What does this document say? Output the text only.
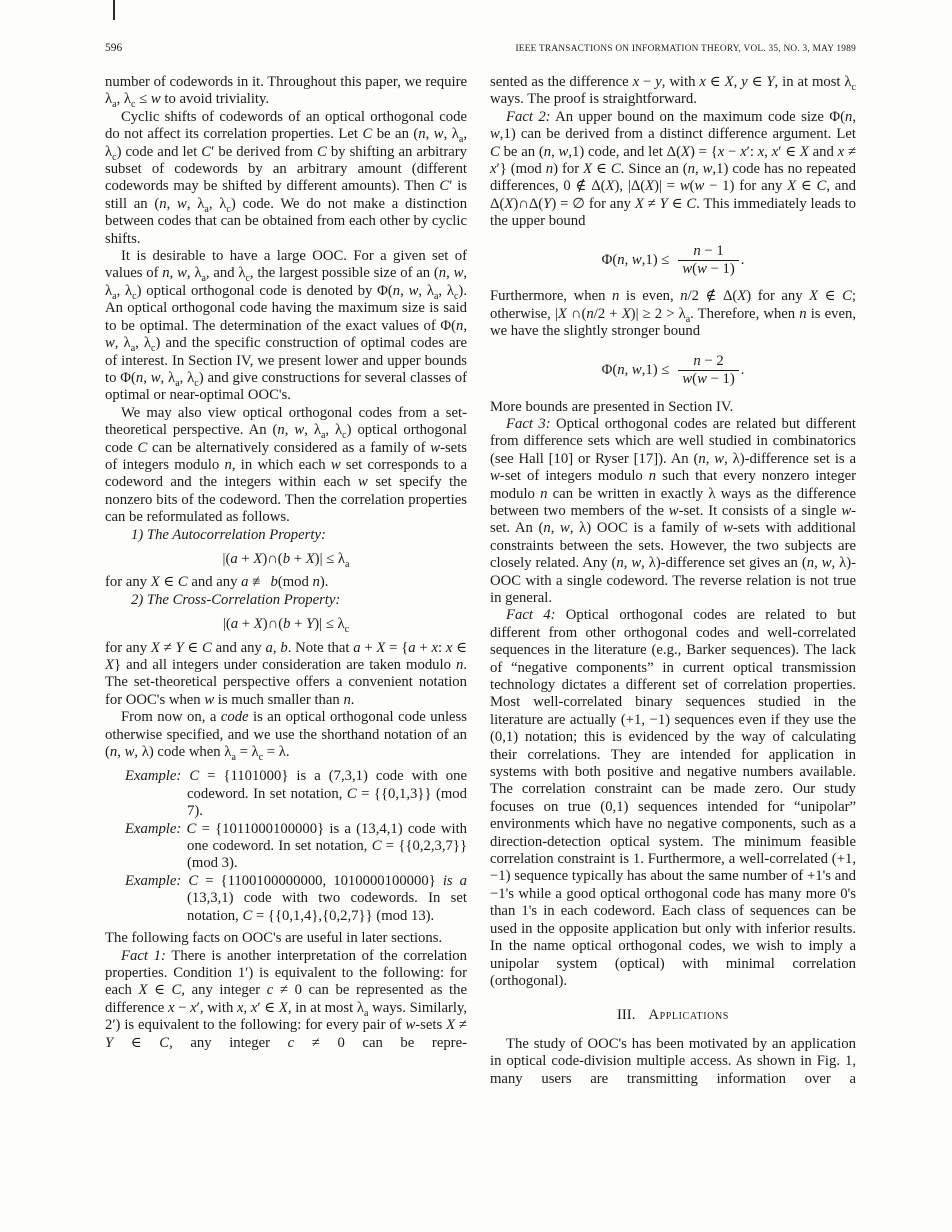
596	IEEE TRANSACTIONS ON INFORMATION THEORY, VOL. 35, NO. 3, MAY 1989

number of codewords in it. Throughout this paper, we require $\lambda_a$, $\lambda_c \le w$ to avoid triviality.

Cyclic shifts of codewords of an optical orthogonal code do not affect its correlation properties. Let C be an (n, w, $\lambda_a$, $\lambda_c$) code and let C′ be derived from C by shifting an arbitrary subset of codewords by an arbitrary amount (different codewords may be shifted by different amounts). Then C′ is still an (n, w, $\lambda_a$, $\lambda_c$) code. We do not make a distinction between codes that can be obtained from each other by cyclic shifts.

It is desirable to have a large OOC. For a given set of values of n, w, $\lambda_a$, and $\lambda_c$, the largest possible size of an (n, w, $\lambda_a$, $\lambda_c$) optical orthogonal code is denoted by Φ(n, w, $\lambda_a$, $\lambda_c$). An optical orthogonal code having the maximum size is said to be optimal. The determination of the exact values of Φ(n, w, $\lambda_a$, $\lambda_c$) and the specific construction of optimal codes are of interest. In Section IV, we present lower and upper bounds to Φ(n, w, $\lambda_a$, $\lambda_c$) and give constructions for several classes of optimal or near-optimal OOC's.

We may also view optical orthogonal codes from a set-theoretical perspective. An (n, w, $\lambda_a$, $\lambda_c$) optical orthogonal code C can be alternatively considered as a family of w-sets of integers modulo n, in which each w set corresponds to a codeword and the integers within each w set specify the nonzero bits of the codeword. Then the correlation properties can be reformulated as follows.

1) The Autocorrelation Property:

|(a + X)∩(b + $X)| \le \lambda_a$

for any X ∈ C and any a ≢ b(mod n).

2) The Cross-Correlation Property:

|(a + X)∩(b + $Y)| \le \lambda_c$

for any X ≠ Y ∈ C and any a, b. Note that a + X = {a + x: x ∈ X} and all integers under consideration are taken modulo n. The set-theoretical perspective offers a convenient notation for OOC's when w is much smaller than n.

From now on, a code is an optical orthogonal code unless otherwise specified, and we use the shorthand notation of an (n, w, λ) code when $\lambda_a = \lambda_c = \lambda$.

Example: C = {1101000} is a (7,3,1) code with one codeword. In set notation, C = {{0,1,3}} (mod 7).
Example: C = {1011000100000} is a (13,4,1) code with one codeword. In set notation, C = {{0,2,3,7}} (mod 3).
Example: C = {1100100000000, 1010000100000} is a (13,3,1) code with two codewords. In set notation, C = {{0,1,4},{0,2,7}} (mod 13).

The following facts on OOC's are useful in later sections.

Fact 1: There is another interpretation of the correlation properties. Condition 1′) is equivalent to the following: for each X ∈ C, any integer c ≠ 0 can be represented as the difference x − x′, with x, x′ ∈ X, in at most $\lambda_a$ ways. Similarly, 2′) is equivalent to the following: for every pair of w-sets X ≠ Y ∈ C, any integer c ≠ 0 can be repre-

sented as the difference x − y, with x ∈ X, y ∈ Y, in at most $\lambda_c$ ways. The proof is straightforward.

Fact 2: An upper bound on the maximum code size Φ(n, w,1) can be derived from a distinct difference argument. Let C be an (n, w,1) code, and let Δ(X) = {x − x′: x, x′ ∈ X and x ≠ x′} (mod n) for X ∈ C. Since an (n, w,1) code has no repeated differences, 0 ∉ Δ(X), |Δ(X)| = w(w − 1) for any X ∈ C, and Δ(X)∩Δ(Y) = ∅ for any X ≠ Y ∈ C. This immediately leads to the upper bound

Φ(n, $w,1) \le \frac{n - 1}{w(w - 1)}$ .

Furthermore, when n is even, n/2 ∉ Δ(X) for any X ∈ C; otherwise, |X ∩(n/2 + $X)| \ge 2 > \lambda_a$. Therefore, when n is even, we have the slightly stronger bound

Φ(n, $w,1) \le \frac{n - 2}{w(w - 1)}$ .

More bounds are presented in Section IV.

Fact 3: Optical orthogonal codes are related but different from difference sets which are well studied in combinatorics (see Hall [10] or Ryser [17]). An (n, w, λ)-difference set is a w-set of integers modulo n such that every nonzero integer modulo n can be written in exactly λ ways as the difference between two members of the w-set. It consists of a single w-set. An (n, w, λ) OOC is a family of w-sets with additional constraints between the sets. However, the two subjects are closely related. Any (n, w, λ)-difference set gives an (n, w, λ)-OOC with a single codeword. The reverse relation is not true in general.

Fact 4: Optical orthogonal codes are related to but different from other orthogonal codes and well-correlated sequences in the literature (e.g., Barker sequences). The lack of “negative components” in current optical transmission technology dictates a different set of correlation properties. Most well-correlated binary sequences studied in the literature are actually (+1, −1) sequences even if they use the (0,1) notation; this is evidenced by the way of calculating their correlations. They are intended for application in systems with both positive and negative numbers available. The correlation constraint can be made zero. Our study focuses on true (0,1) sequences intended for “unipolar” environments which have no negative components, such as a direction-detection optical system. The minimum feasible correlation constraint is 1. Furthermore, a well-correlated (+1, −1) sequence typically has about the same number of +1's and −1's while a good optical orthogonal code has many more 0's than 1's in each codeword. Each class of sequences can be used in the opposite application but only with inferior results. In the name optical orthogonal codes, we wish to imply a unipolar system (optical) with minimal correlation (orthogonal).

III. Applications

The study of OOC's has been motivated by an application in optical code-division multiple access. As shown in Fig. 1, many users are transmitting information over a
